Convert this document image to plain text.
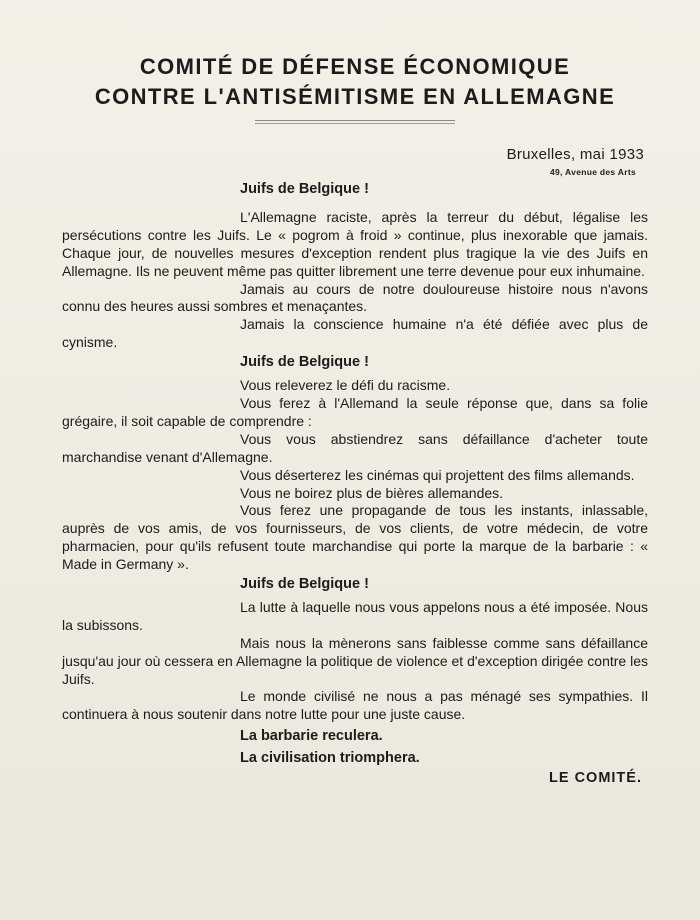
COMITÉ DE DÉFENSE ÉCONOMIQUE
CONTRE L'ANTISÉMITISME EN ALLEMAGNE
Bruxelles, mai 1933
49, Avenue des Arts
Juifs de Belgique !

L'Allemagne raciste, après la terreur du début, légalise les persécutions contre les Juifs. Le « pogrom à froid » continue, plus inexorable que jamais. Chaque jour, de nouvelles mesures d'exception rendent plus tragique la vie des Juifs en Allemagne. Ils ne peuvent même pas quitter librement une terre devenue pour eux inhumaine.

Jamais au cours de notre douloureuse histoire nous n'avons connu des heures aussi sombres et menaçantes.

Jamais la conscience humaine n'a été défiée avec plus de cynisme.

Juifs de Belgique !

Vous releverez le défi du racisme.

Vous ferez à l'Allemand la seule réponse que, dans sa folie grégaire, il soit capable de comprendre :

Vous vous abstiendrez sans défaillance d'acheter toute marchandise venant d'Allemagne.

Vous déserterez les cinémas qui projettent des films allemands.

Vous ne boirez plus de bières allemandes.

Vous ferez une propagande de tous les instants, inlassable, auprès de vos amis, de vos fournisseurs, de vos clients, de votre médecin, de votre pharmacien, pour qu'ils refusent toute marchandise qui porte la marque de la barbarie : « Made in Germany ».

Juifs de Belgique !

La lutte à laquelle nous vous appelons nous a été imposée. Nous la subissons.

Mais nous la mènerons sans faiblesse comme sans défaillance jusqu'au jour où cessera en Allemagne la politique de violence et d'exception dirigée contre les Juifs.

Le monde civilisé ne nous a pas ménagé ses sympathies. Il continuera à nous soutenir dans notre lutte pour une juste cause.

La barbarie reculera.
La civilisation triomphera.
LE COMITÉ.
